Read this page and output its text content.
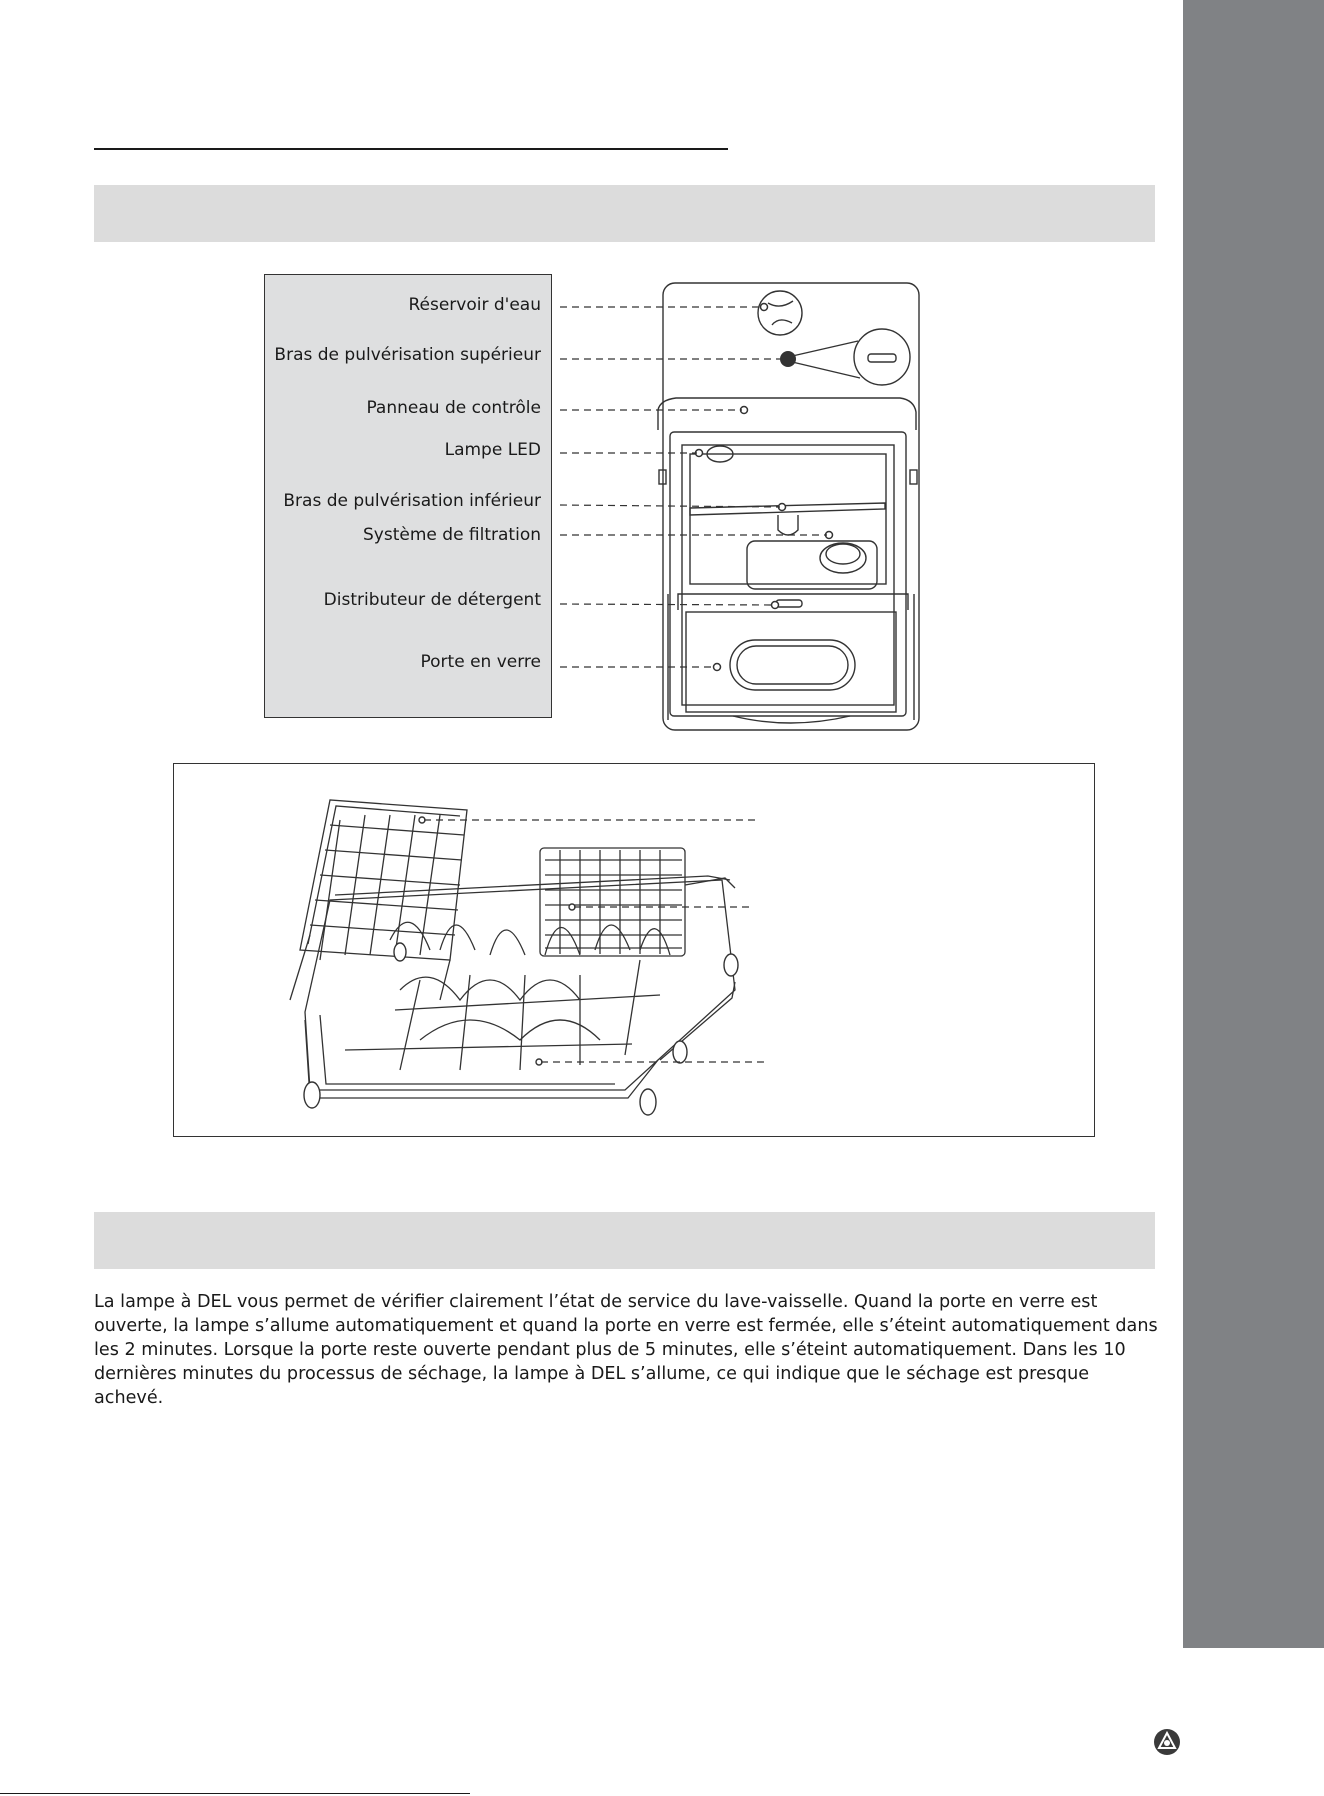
Réservoir d'eau
Bras de pulvérisation supérieur
Panneau de contrôle
Lampe LED
Bras de pulvérisation inférieur
Système de filtration
Distributeur de détergent
Porte en verre

La lampe à DEL vous permet de vérifier clairement l’état de service du lave-vaisselle. Quand la porte en verre est ouverte, la lampe s’allume automatiquement et quand la porte en verre est fermée, elle s’éteint automatiquement dans les 2 minutes. Lorsque la porte reste ouverte pendant plus de 5 minutes, elle s’éteint automatiquement. Dans les 10 dernières minutes du processus de séchage, la lampe à DEL s’allume, ce qui indique que le séchage est presque achevé.
